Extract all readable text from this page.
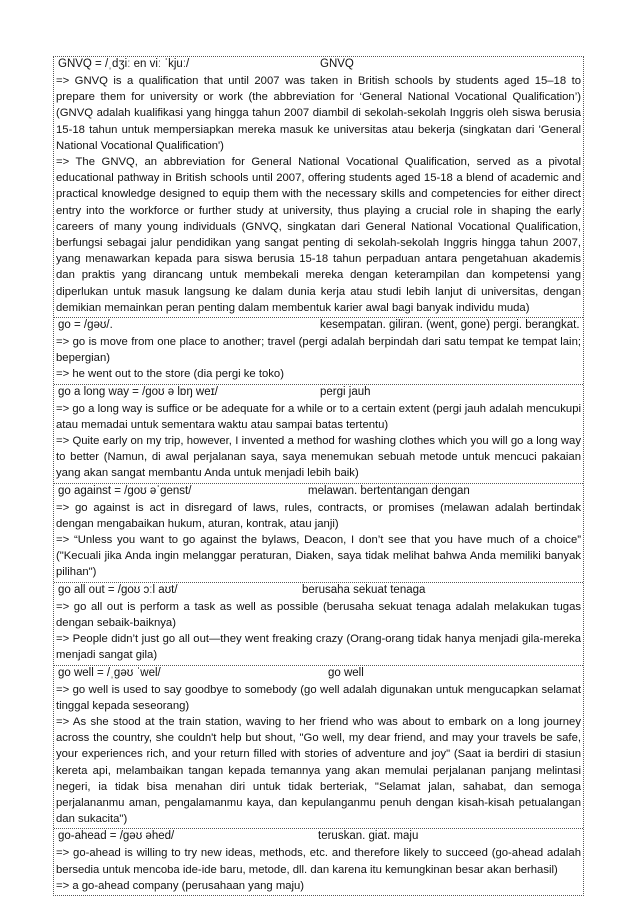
GNVQ = /ˌdʒiː en viː ˈkjuː/	GNVQ
=> GNVQ is a qualification that until 2007 was taken in British schools by students aged 15–18 to prepare them for university or work (the abbreviation for ‘General National Vocational Qualification’) (GNVQ adalah kualifikasi yang hingga tahun 2007 diambil di sekolah-sekolah Inggris oleh siswa berusia 15-18 tahun untuk mempersiapkan mereka masuk ke universitas atau bekerja (singkatan dari 'General National Vocational Qualification')
=> The GNVQ, an abbreviation for General National Vocational Qualification, served as a pivotal educational pathway in British schools until 2007, offering students aged 15-18 a blend of academic and practical knowledge designed to equip them with the necessary skills and competencies for either direct entry into the workforce or further study at university, thus playing a crucial role in shaping the early careers of many young individuals (GNVQ, singkatan dari General National Vocational Qualification, berfungsi sebagai jalur pendidikan yang sangat penting di sekolah-sekolah Inggris hingga tahun 2007, yang menawarkan kepada para siswa berusia 15-18 tahun perpaduan antara pengetahuan akademis dan praktis yang dirancang untuk membekali mereka dengan keterampilan dan kompetensi yang diperlukan untuk masuk langsung ke dalam dunia kerja atau studi lebih lanjut di universitas, dengan demikian memainkan peran penting dalam membentuk karier awal bagi banyak individu muda)
go = /ɡəʊ/.	kesempatan. giliran. (went, gone) pergi. berangkat.
=> go is move from one place to another; travel (pergi adalah berpindah dari satu tempat ke tempat lain; bepergian)
=> he went out to the store (dia pergi ke toko)
go a long way = /ɡoʊ ə lɒŋ weɪ/	pergi jauh
=> go a long way is suffice or be adequate for a while or to a certain extent (pergi jauh adalah mencukupi atau memadai untuk sementara waktu atau sampai batas tertentu)
=> Quite early on my trip, however, I invented a method for washing clothes which you will go a long way to better (Namun, di awal perjalanan saya, saya menemukan sebuah metode untuk mencuci pakaian yang akan sangat membantu Anda untuk menjadi lebih baik)
go against = /ɡoʊ əˈɡenst/	melawan. bertentangan dengan
=> go against is act in disregard of laws, rules, contracts, or promises (melawan adalah bertindak dengan mengabaikan hukum, aturan, kontrak, atau janji)
=> “Unless you want to go against the bylaws, Deacon, I don’t see that you have much of a choice” ("Kecuali jika Anda ingin melanggar peraturan, Diaken, saya tidak melihat bahwa Anda memiliki banyak pilihan")
go all out = /ɡoʊ ɔːl aʊt/	berusaha sekuat tenaga
=> go all out is perform a task as well as possible (berusaha sekuat tenaga adalah melakukan tugas dengan sebaik-baiknya)
=> People didn’t just go all out—they went freaking crazy (Orang-orang tidak hanya menjadi gila-mereka menjadi sangat gila)
go well = /ˌɡəʊ ˈwel/	go well
=> go well is used to say goodbye to somebody (go well adalah digunakan untuk mengucapkan selamat tinggal kepada seseorang)
=> As she stood at the train station, waving to her friend who was about to embark on a long journey across the country, she couldn't help but shout, "Go well, my dear friend, and may your travels be safe, your experiences rich, and your return filled with stories of adventure and joy" (Saat ia berdiri di stasiun kereta api, melambaikan tangan kepada temannya yang akan memulai perjalanan panjang melintasi negeri, ia tidak bisa menahan diri untuk tidak berteriak, "Selamat jalan, sahabat, dan semoga perjalananmu aman, pengalamanmu kaya, dan kepulanganmu penuh dengan kisah-kisah petualangan dan sukacita")
go-ahead = /ɡəʊ əhed/	teruskan. giat. maju
=> go-ahead is willing to try new ideas, methods, etc. and therefore likely to succeed (go-ahead adalah bersedia untuk mencoba ide-ide baru, metode, dll. dan karena itu kemungkinan besar akan berhasil)
=> a go-ahead company (perusahaan yang maju)
